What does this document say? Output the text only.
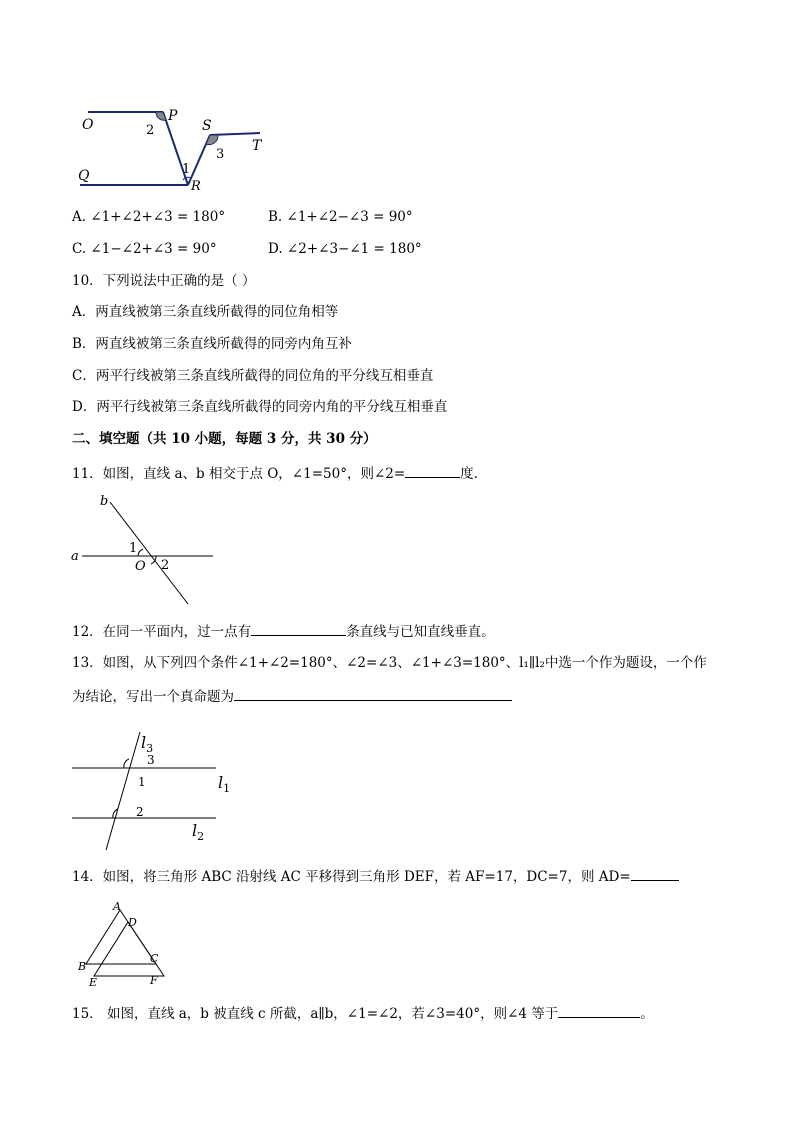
O
P
Q
R
S
T
1
2
3
A. ∠1+∠2+∠3 = 180°	B. ∠1+∠2−∠3 = 90°
C. ∠1−∠2+∠3 = 90°	D. ∠2+∠3−∠1 = 180°
10．下列说法中正确的是（ ）
A．两直线被第三条直线所截得的同位角相等
B．两直线被第三条直线所截得的同旁内角互补
C．两平行线被第三条直线所截得的同位角的平分线互相垂直
D．两平行线被第三条直线所截得的同旁内角的平分线互相垂直
二、填空题（共 10 小题，每题 3 分，共 30 分）
11．如图，直线 a、b 相交于点 O，∠1=50°，则∠2=	度.
b
a
1
O 2
12．在同一平面内，过一点有	条直线与已知直线垂直。
13．如图，从下列四个条件∠1+∠2=180°、∠2=∠3、∠1+∠3=180°、l₁∥l₂中选一个作为题设，一个作
为结论，写出一个真命题为
$l_3$
3
1	$l_1$
2
$l_2$
14．如图，将三角形 ABC 沿射线 AC 平移得到三角形 DEF，若 AF=17，DC=7，则 AD=
A
D
B
C
E	F
15． 如图，直线 a，b 被直线 c 所截，a∥b，∠1=∠2，若∠3=40°，则∠4 等于	。
